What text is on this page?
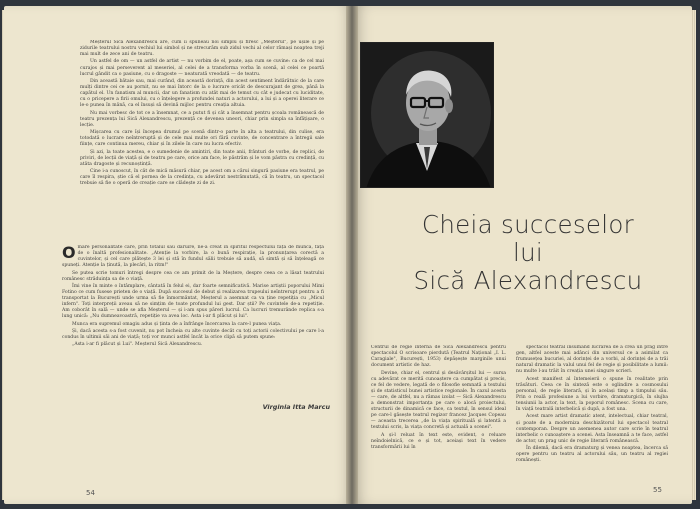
Meșterul Sică Alexandrescu are, cum îi spuneau noi simplu și firesc „Meșterul", pe ușile și pe zidurile teatrului nostru vechiul lui simbol și ne strecurăm sub zidul vechi al celor rămași noaptea treji mai mult de zece ani de teatru.

Un astfel de om — un astfel de artist — nu vorbim de el, poate, așa cum se cuvine: ca de cel mai curajos și mai perseverent al meseriei, al celei de a transforma vorba în scenă, al celei ce poartă lucrul gândit ca o pasiune, cu o dragoste — neaturată vreodată — de teatru.

Din această bătaie sau, mai curând, din această dorință, din acest sentiment îndărătnic de la care mulți dintre cei ce au pornit, nu se mai întorc de la o lucrare oricât de descurajant de grea, până la capătul el. Un fanatism al muncii, dar un fanatism cu atât mai de temut cu cât e judecat cu luciditate, cu o pricepere a firii omului, cu o înțelegere a profundei naturi a actorului, a lui și a operei literare ce le-o punea în mână, ca el însuși să devină mijloc pentru creația altuia.

Nu mai vorbesc de tot ce a însemnat, ce a putut fi și cât a însemnat pentru școala românească de teatru prezența lui Sică Alexandrescu, prezență ce devenea uneori, chiar prin simpla sa înfățișare, o lecție.

Mișcarea cu care își începea drumul pe scenă dintr-o parte în alta a teatrului, din culise, era totodată o lucrare neîntreruptă și de cele mai multe ori fără cuvinte, de concentrare a întregii sale ființe, care continua mereu, chiar și în zilele în care nu lucra efectiv.

Și azi, la toate acestea, e o sumedenie de amintiri, din toate anii, frânturi de vorbe, de replici, de priviri, de lecții de viață și de teatru pe care, orice am face, le păstrăm și le vom păstra cu credință, cu atâta dragoste și recunoștință.

Cine i-a cunoscut, în cât de mică măsură chiar, pe acest om a cărui singură pasiune era teatrul, pe care îl respira, știe că el pornea de la credința, cu adevărat nestrămutată, că în teatru, un spectacol trebuie să fie o operă de creație care se clădește zi de zi.

Omare personalitate care, prin totalul sau dăruire, ne-a creat în spiritul respectului față de muncă, față de o înaltă profesionalitate. „Atenție la vorbire, la o bună respirație, la pronunțarea corectă a cuvintelor, și cel care plătește 3 lei și stă în fundul sălii trebuie să audă, să simtă și să înțeleagă ce spuneți. Atenție la ținută, la plecări, la ritm!"

Se putea scrie tomuri întregi despre cea ce am primit de la Meștere, despre ceea ce a lăsat teatrului românesc străduința sa de o viață.

Îmi vine în minte o întâmplare, cântată în felul ei, dar foarte semnificativă. Marise artiștii poporului Mimi Fotino ce cum fusese prieten de o viață. După succesul de debut și realizarea trupeului neîntrerupt pentru a fi transportat la București unde urma să fie înmormântat, Meșterul a asemnat ca va ține repetiția cu „Micul infern". Toți interpreții aveau să ne simțim de toate profundul lui gest. Dar știi? Pe cuvintele de-a repetiție. Am coborât în sală — unde se afla Meșterul — și i-am spus păreri lucrul. Ca lucruri tremurânde replica s-a lung unică: „Nu dumneavoastră, repetiție va avea loc. Asta i-ar fi plăcut și lui".

Munca era supremul omagiu adus și ținta de a înfrânge încercarea la care-l punea viața.

Și, dacă acesta s-a fost cuvenit, nu pot încheia cu alte cuvinte decât cu toți actorii colectivului pe care l-a condus în ultimii săi ani de viață; toți vor munci astfel încât la orice clipă să putem spune:

„Asta i-ar fi plăcut și Lui". Meșterul Sică Alexandrescu.

Virginia Itta Marcu
54
Cheia succeselor
lui
Sică Alexandrescu

Centrul de regie internă de Sică Alexandrescu pentru spectacolul O scrisoare pierdută (Teatrul Național „I. L. Caragiale", București, 1953) depășește marginile unui document artistic de haz.

Devine, chiar el, centrul și desăvârșitul lui — sursa cu adevărat ce merită cunoaștere ca cumpătat și precis, ce fel de vedere, legată de o filosofie semnată a textului și de statisticul bunei artistice regionale. În cazul acesta — care, de altfel, nu a rămas izolat — Sică Alexandrescu a demonstrat importanța pe care o alocă proiectului, structurii de dinamică ce face, ca textul, în sensul ideal pe care-l găsește teatrul regizor francez Jacques Copeau — aceasta trecerea „de la viața spirituală și latentă a textului scris, la viața concretă și actuală a scenei".

A și-l reluat în text este, evident, o reluare neîndoielnică, ce e și tot, aceiași text în vedere transformării lui în

spectacol teatral însumând lucrarea de a crea un prag între gen, altfel aceste mai adânci din universul ce a asimilat ca frumusețea bucuriei, al dorinței de a vorbi, al dorinței de a trăi natural dramatic la valul unui fel de regie și posibilitate a lumii: nu multe l-au trăit în creația unei singure scrieri.

Acest manifest al întemeierii o spune în realitate prin trăsături. Ceea ce în sinteză este o oglindire a cosmosului personal, de regie literară, și în același timp a timpului său. Prin o reală profesiune a lui vorbire, dramaturgică, în slujba tensiunii la actor, la text, la poporul românesc. Scena cu care, în viață teatrală interbelică și după, a fost una.

Acest mare artist dramatic atent, intelectual, chiar teatral, și poate de a moderniza deschizătorul lui spectacol teatral contemporan. Despre un asemenea autor care scrie în teatrul interbelic o cunoaștere a scenei. Asta înseamnă a te face, astfel de actor, un prag unic de regie literară românească.

În dilemă, dacă era dramaturg și venea noaptea, încerca să opere pentru un teatru al actorului său, un teatru al regiei românești.

55
